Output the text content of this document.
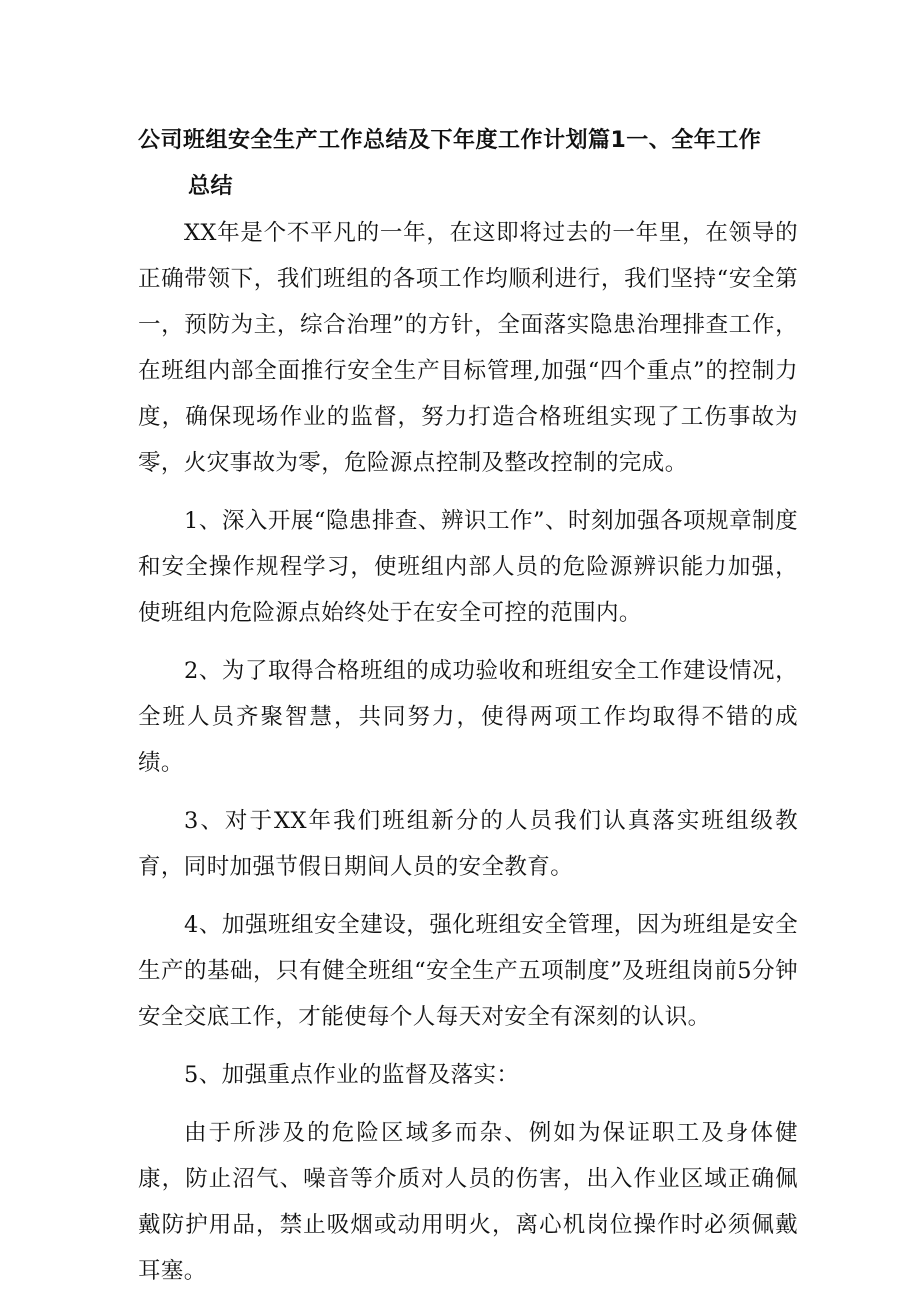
公司班组安全生产工作总结及下年度工作计划篇1一、全年工作
总结

XX年是个不平凡的一年，在这即将过去的一年里，在领导的正确带领下，我们班组的各项工作均顺利进行，我们坚持“安全第一，预防为主，综合治理”的方针，全面落实隐患治理排查工作，在班组内部全面推行安全生产目标管理,加强“四个重点”的控制力度，确保现场作业的监督，努力打造合格班组实现了工伤事故为零，火灾事故为零，危险源点控制及整改控制的完成。

1、深入开展“隐患排查、辨识工作”、时刻加强各项规章制度和安全操作规程学习，使班组内部人员的危险源辨识能力加强，使班组内危险源点始终处于在安全可控的范围内。

2、为了取得合格班组的成功验收和班组安全工作建设情况，全班人员齐聚智慧，共同努力，使得两项工作均取得不错的成绩。

3、对于XX年我们班组新分的人员我们认真落实班组级教育，同时加强节假日期间人员的安全教育。

4、加强班组安全建设，强化班组安全管理，因为班组是安全生产的基础，只有健全班组“安全生产五项制度”及班组岗前5分钟安全交底工作，才能使每个人每天对安全有深刻的认识。

5、加强重点作业的监督及落实：

由于所涉及的危险区域多而杂、例如为保证职工及身体健康，防止沼气、噪音等介质对人员的伤害，出入作业区域正确佩戴防护用品，禁止吸烟或动用明火，离心机岗位操作时必须佩戴耳塞。
